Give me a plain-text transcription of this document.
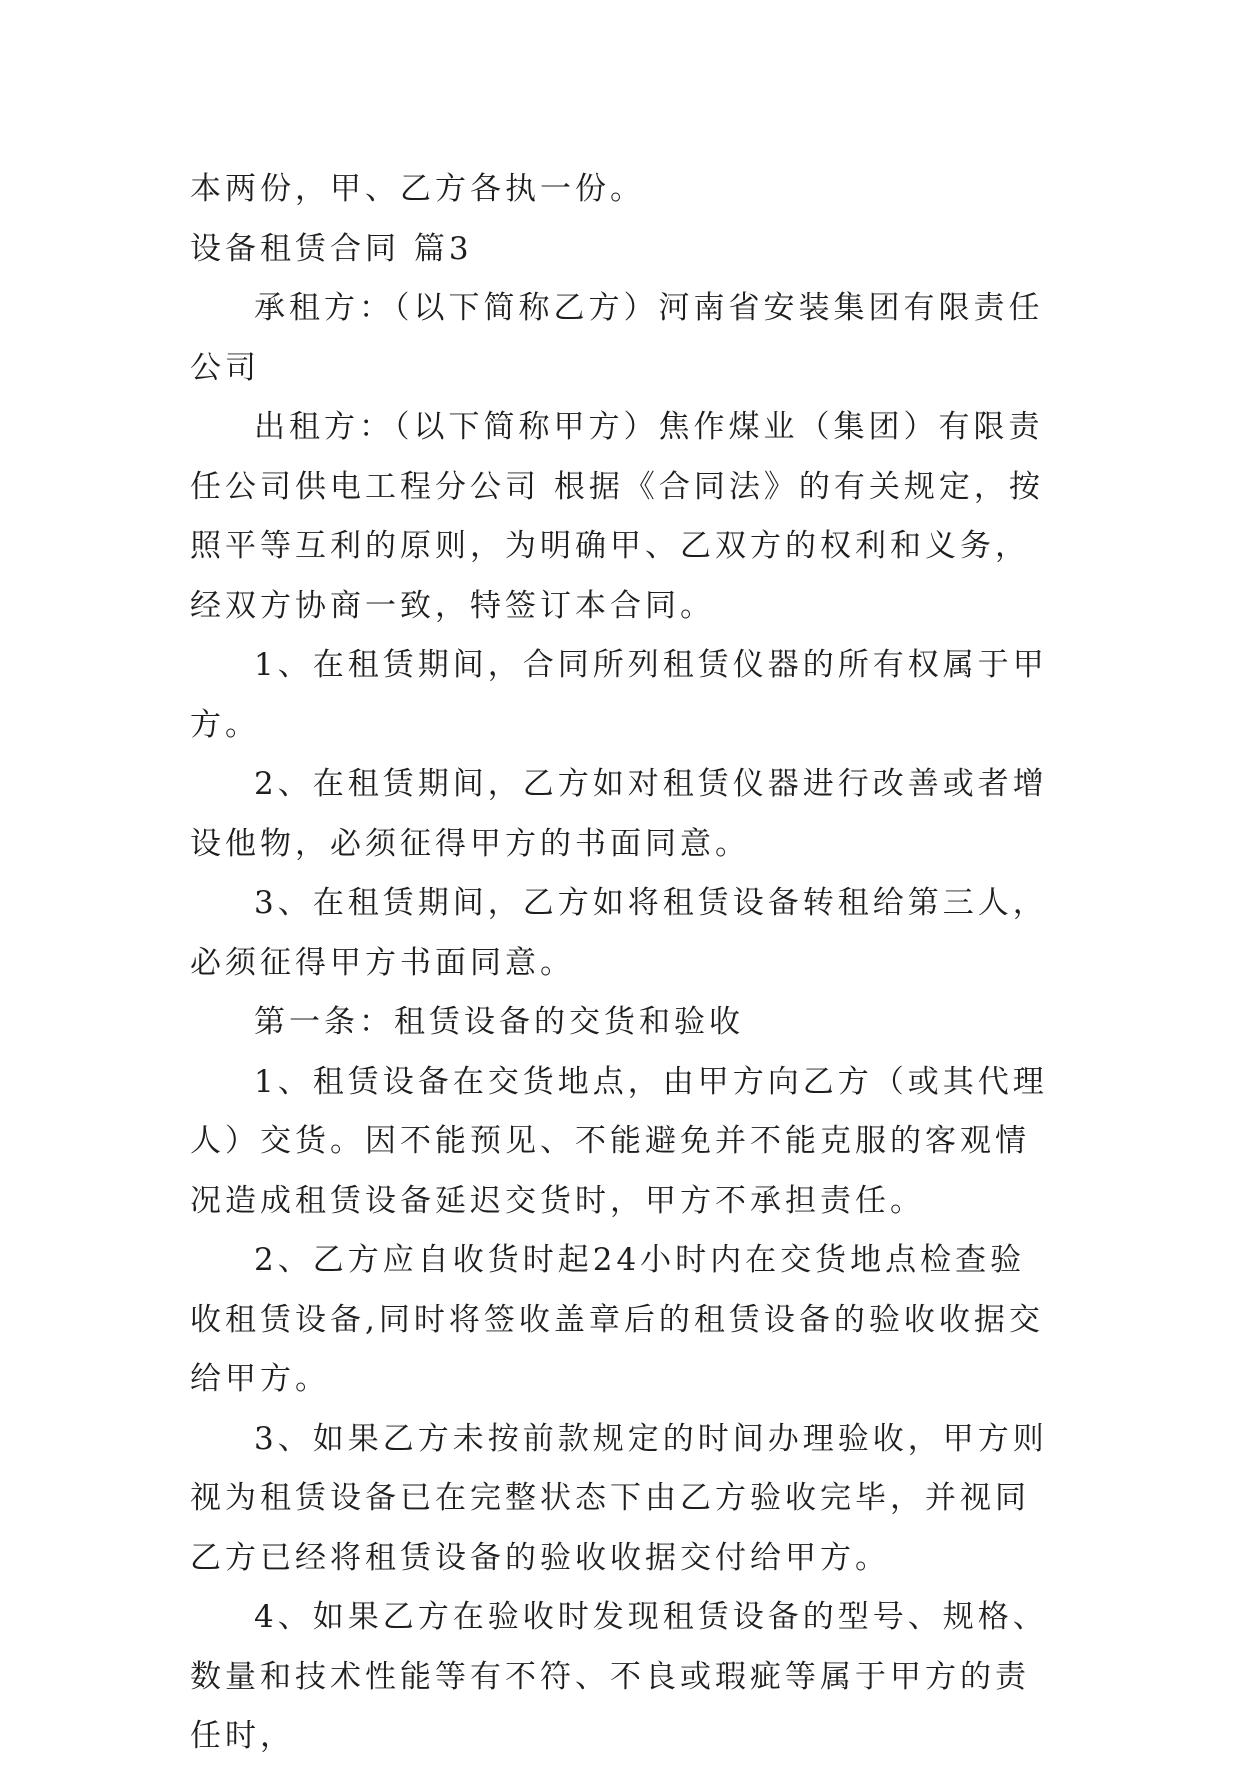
本两份，甲、乙方各执一份。

设备租赁合同 篇3

承租方：（以下简称乙方）河南省安装集团有限责任公司

出租方：（以下简称甲方）焦作煤业（集团）有限责任公司供电工程分公司 根据《合同法》的有关规定，按照平等互利的原则，为明确甲、乙双方的权利和义务，经双方协商一致，特签订本合同。

1、在租赁期间，合同所列租赁仪器的所有权属于甲方。

2、在租赁期间，乙方如对租赁仪器进行改善或者增设他物，必须征得甲方的书面同意。

3、在租赁期间，乙方如将租赁设备转租给第三人，必须征得甲方书面同意。

第一条：租赁设备的交货和验收

1、租赁设备在交货地点，由甲方向乙方（或其代理人）交货。因不能预见、不能避免并不能克服的客观情况造成租赁设备延迟交货时，甲方不承担责任。

2、乙方应自收货时起24小时内在交货地点检查验收租赁设备,同时将签收盖章后的租赁设备的验收收据交给甲方。

3、如果乙方未按前款规定的时间办理验收，甲方则视为租赁设备已在完整状态下由乙方验收完毕，并视同乙方已经将租赁设备的验收收据交付给甲方。

4、如果乙方在验收时发现租赁设备的型号、规格、数量和技术性能等有不符、不良或瑕疵等属于甲方的责任时，
